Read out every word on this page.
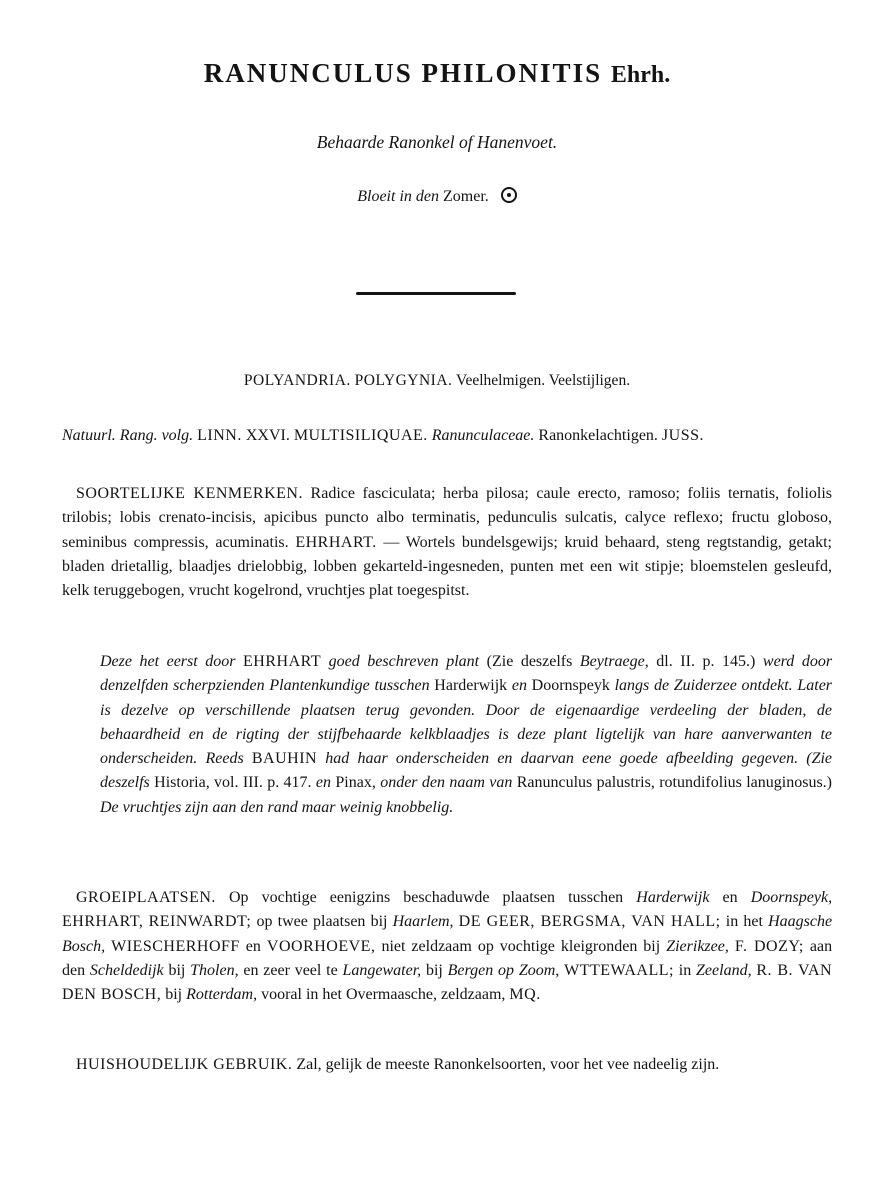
RANUNCULUS PHILONITIS Ehrh.
Behaarde Ranonkel of Hanenvoet.
Bloeit in den Zomer.
POLYANDRIA. POLYGYNIA. Veelhelmigen. Veelstijligen.
Natuurl. Rang. volg. LINN. XXVI. MULTISILIQUAE. Ranunculaceae. Ranonkelachtigen. JUSS.
SOORTELIJKE KENMERKEN. Radice fasciculata; herba pilosa; caule erecto, ramoso; foliis ternatis, foliolis trilobis; lobis crenato-incisis, apicibus puncto albo terminatis, pedunculis sulcatis, calyce reflexo; fructu globoso, seminibus compressis, acuminatis. EHRHART. — Wortels bundelsgewijs; kruid behaard, steng regtstandig, getakt; bladen drietallig, blaadjes drielobbig, lobben gekarteld-ingesneden, punten met een wit stipje; bloemstelen gesleufd, kelk teruggebogen, vrucht kogelrond, vruchtjes plat toegespitst.
Deze het eerst door EHRHART goed beschreven plant (Zie deszelfs Beytraege, dl. II. p. 145.) werd door denzelfden scherpzienden Plantenkundige tusschen Harderwijk en Doornspeyk langs de Zuiderzee ontdekt. Later is dezelve op verschillende plaatsen terug gevonden. Door de eigenaardige verdeeling der bladen, de behaardheid en de rigting der stijfbehaarde kelkblaadjes is deze plant ligtelijk van hare aanverwanten te onderscheiden. Reeds BAUHIN had haar onderscheiden en daarvan eene goede afbeelding gegeven. (Zie deszelfs Historia, vol. III. p. 417. en Pinax, onder den naam van Ranunculus palustris, rotundifolius lanuginosus.) De vruchtjes zijn aan den rand maar weinig knobbelig.
GROEIPLAATSEN. Op vochtige eenigzins beschaduwde plaatsen tusschen Harderwijk en Doornspeyk, EHRHART, REINWARDT; op twee plaatsen bij Haarlem, DE GEER, BERGSMA, VAN HALL; in het Haagsche Bosch, WIESCHERHOFF en VOORHOEVE, niet zeldzaam op vochtige kleigronden bij Zierikzee, F. DOZY; aan den Scheldedijk bij Tholen, en zeer veel te Langewater, bij Bergen op Zoom, WTTEWAALL; in Zeeland, R. B. VAN DEN BOSCH, bij Rotterdam, vooral in het Overmaasche, zeldzaam, MQ.
HUISHOUDELIJK GEBRUIK. Zal, gelijk de meeste Ranonkelsoorten, voor het vee nadeelig zijn.
